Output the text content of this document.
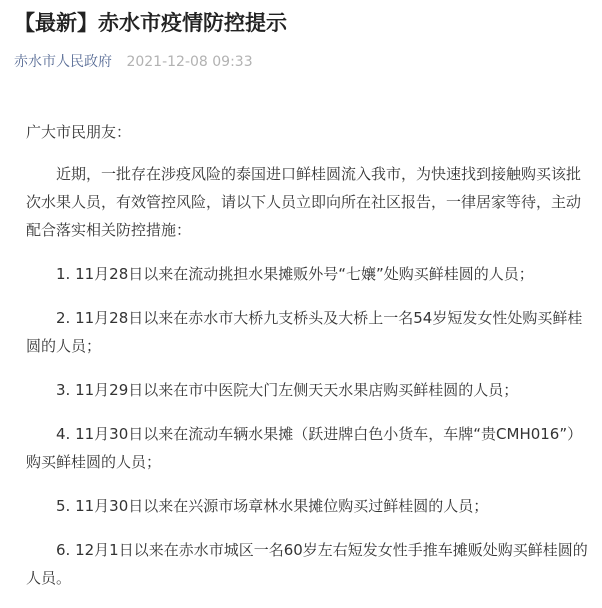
【最新】赤水市疫情防控提示
赤水市人民政府 2021-12-08 09:33

广大市民朋友：

近期，一批存在涉疫风险的泰国进口鲜桂圆流入我市，为快速找到接触购买该批次水果人员，有效管控风险，请以下人员立即向所在社区报告，一律居家等待，主动配合落实相关防控措施：

1. 11月28日以来在流动挑担水果摊贩外号“七孃”处购买鲜桂圆的人员；

2. 11月28日以来在赤水市大桥九支桥头及大桥上一名54岁短发女性处购买鲜桂圆的人员；

3. 11月29日以来在市中医院大门左侧天天水果店购买鲜桂圆的人员；

4. 11月30日以来在流动车辆水果摊（跃进牌白色小货车，车牌“贵CMH016”）购买鲜桂圆的人员；

5. 11月30日以来在兴源市场章林水果摊位购买过鲜桂圆的人员；

6. 12月1日以来在赤水市城区一名60岁左右短发女性手推车摊贩处购买鲜桂圆的人员。
